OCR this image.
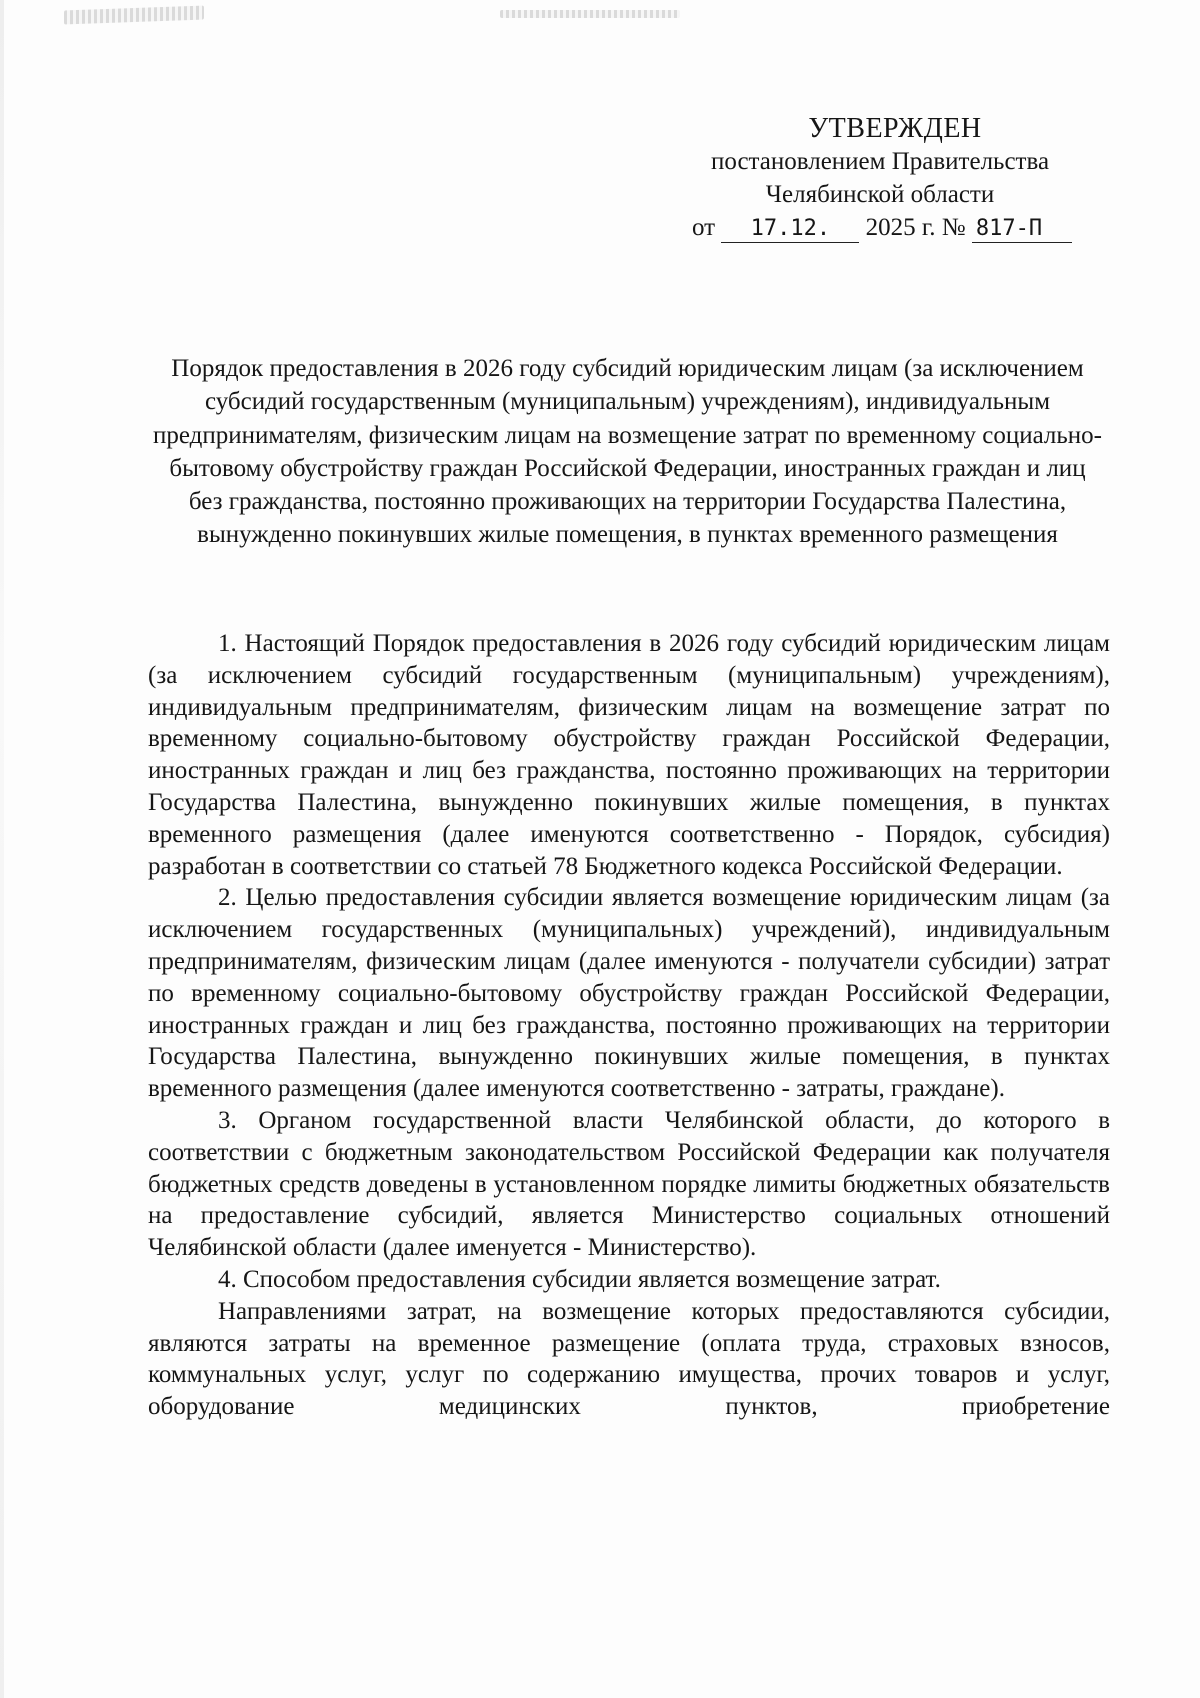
УТВЕРЖДЕН
постановлением Правительства
Челябинской области
от 17.12. 2025 г. № 817-П
Порядок предоставления в 2026 году субсидий юридическим лицам (за исключением субсидий государственным (муниципальным) учреждениям), индивидуальным предпринимателям, физическим лицам на возмещение затрат по временному социально-бытовому обустройству граждан Российской Федерации, иностранных граждан и лиц без гражданства, постоянно проживающих на территории Государства Палестина, вынужденно покинувших жилые помещения, в пунктах временного размещения

1. Настоящий Порядок предоставления в 2026 году субсидий юридическим лицам (за исключением субсидий государственным (муниципальным) учреждениям), индивидуальным предпринимателям, физическим лицам на возмещение затрат по временному социально-бытовому обустройству граждан Российской Федерации, иностранных граждан и лиц без гражданства, постоянно проживающих на территории Государства Палестина, вынужденно покинувших жилые помещения, в пунктах временного размещения (далее именуются соответственно - Порядок, субсидия) разработан в соответствии со статьей 78 Бюджетного кодекса Российской Федерации.

2. Целью предоставления субсидии является возмещение юридическим лицам (за исключением государственных (муниципальных) учреждений), индивидуальным предпринимателям, физическим лицам (далее именуются - получатели субсидии) затрат по временному социально-бытовому обустройству граждан Российской Федерации, иностранных граждан и лиц без гражданства, постоянно проживающих на территории Государства Палестина, вынужденно покинувших жилые помещения, в пунктах временного размещения (далее именуются соответственно - затраты, граждане).

3. Органом государственной власти Челябинской области, до которого в соответствии с бюджетным законодательством Российской Федерации как получателя бюджетных средств доведены в установленном порядке лимиты бюджетных обязательств на предоставление субсидий, является Министерство социальных отношений Челябинской области (далее именуется - Министерство).

4. Способом предоставления субсидии является возмещение затрат.

Направлениями затрат, на возмещение которых предоставляются субсидии, являются затраты на временное размещение (оплата труда, страховых взносов, коммунальных услуг, услуг по содержанию имущества, прочих товаров и услуг, оборудование медицинских пунктов, приобретение
